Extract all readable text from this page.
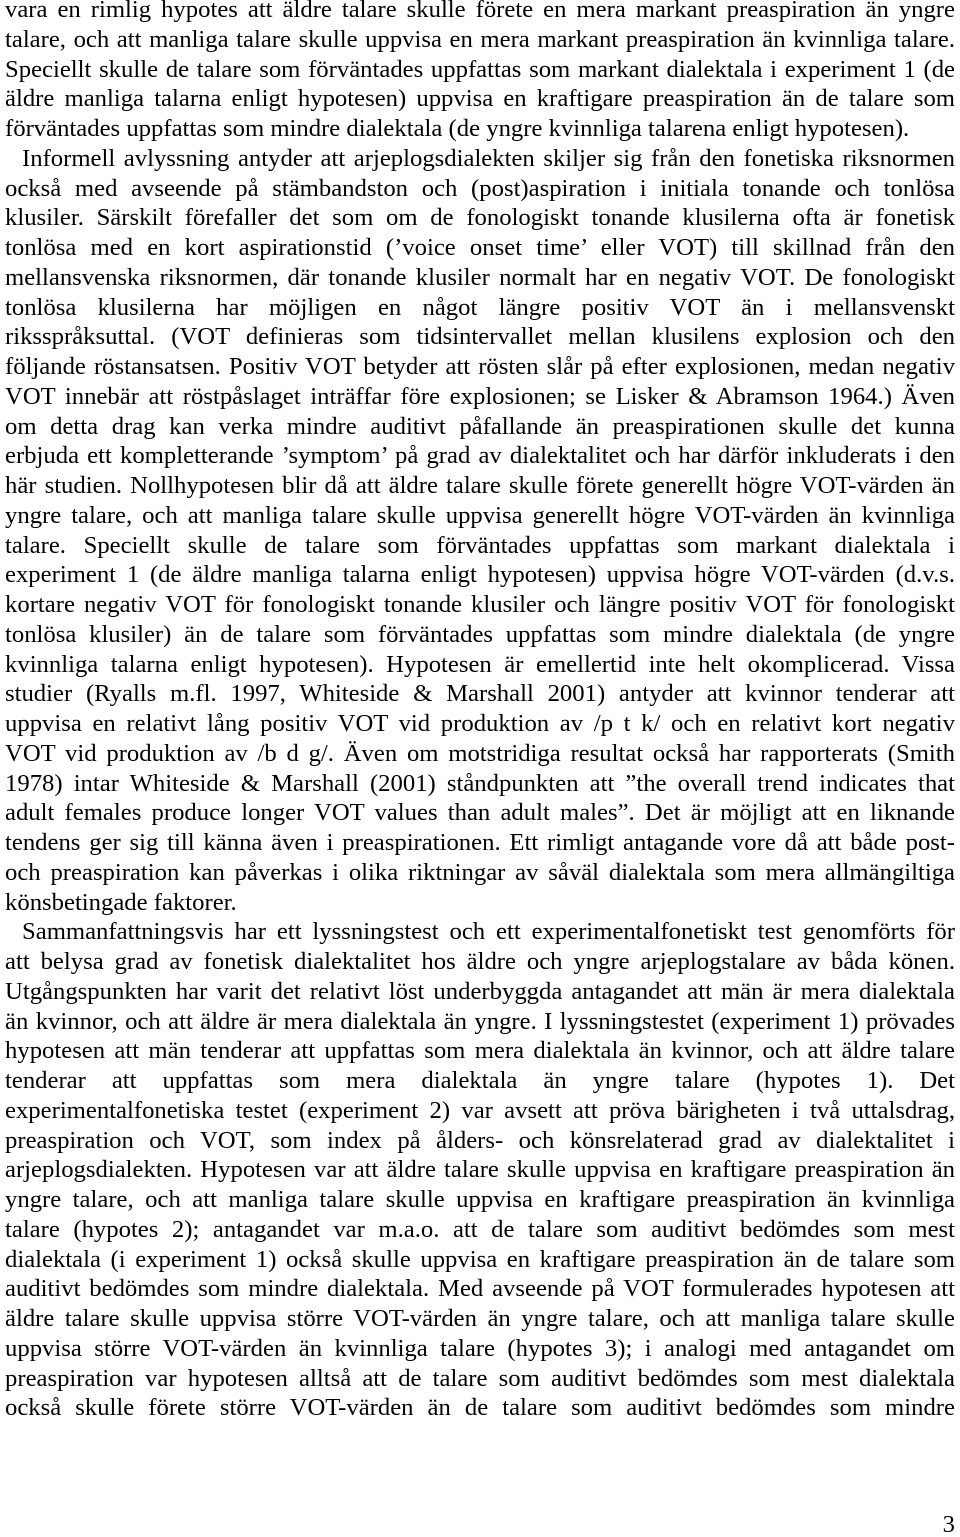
vara en rimlig hypotes att äldre talare skulle förete en mera markant preaspiration än yngre
talare, och att manliga talare skulle uppvisa en mera markant preaspiration än kvinnliga talare.
Speciellt skulle de talare som förväntades uppfattas som markant dialektala i experiment 1 (de
äldre manliga talarna enligt hypotesen) uppvisa en kraftigare preaspiration än de talare som
förväntades uppfattas som mindre dialektala (de yngre kvinnliga talarena enligt hypotesen).

Informell avlyssning antyder att arjeplogsdialekten skiljer sig från den fonetiska riksnormen
också med avseende på stämbandston och (post)aspiration i initiala tonande och tonlösa
klusiler. Särskilt förefaller det som om de fonologiskt tonande klusilerna ofta är fonetisk
tonlösa med en kort aspirationstid (’voice onset time’ eller VOT) till skillnad från den
mellansvenska riksnormen, där tonande klusiler normalt har en negativ VOT. De fonologiskt
tonlösa klusilerna har möjligen en något längre positiv VOT än i mellansvenskt
riksspråksuttal. (VOT definieras som tidsintervallet mellan klusilens explosion och den
följande röstansatsen. Positiv VOT betyder att rösten slår på efter explosionen, medan negativ
VOT innebär att röstpåslaget inträffar före explosionen; se Lisker & Abramson 1964.) Även
om detta drag kan verka mindre auditivt påfallande än preaspirationen skulle det kunna
erbjuda ett kompletterande ’symptom’ på grad av dialektalitet och har därför inkluderats i den
här studien. Nollhypotesen blir då att äldre talare skulle förete generellt högre VOT-värden än
yngre talare, och att manliga talare skulle uppvisa generellt högre VOT-värden än kvinnliga
talare. Speciellt skulle de talare som förväntades uppfattas som markant dialektala i
experiment 1 (de äldre manliga talarna enligt hypotesen) uppvisa högre VOT-värden (d.v.s.
kortare negativ VOT för fonologiskt tonande klusiler och längre positiv VOT för fonologiskt
tonlösa klusiler) än de talare som förväntades uppfattas som mindre dialektala (de yngre
kvinnliga talarna enligt hypotesen). Hypotesen är emellertid inte helt okomplicerad. Vissa
studier (Ryalls m.fl. 1997, Whiteside & Marshall 2001) antyder att kvinnor tenderar att
uppvisa en relativt lång positiv VOT vid produktion av /p t k/ och en relativt kort negativ
VOT vid produktion av /b d g/. Även om motstridiga resultat också har rapporterats (Smith
1978) intar Whiteside & Marshall (2001) ståndpunkten att ”the overall trend indicates that
adult females produce longer VOT values than adult males”. Det är möjligt att en liknande
tendens ger sig till känna även i preaspirationen. Ett rimligt antagande vore då att både post-
och preaspiration kan påverkas i olika riktningar av såväl dialektala som mera allmängiltiga
könsbetingade faktorer.

Sammanfattningsvis har ett lyssningstest och ett experimentalfonetiskt test genomförts för
att belysa grad av fonetisk dialektalitet hos äldre och yngre arjeplogstalare av båda könen.
Utgångspunkten har varit det relativt löst underbyggda antagandet att män är mera dialektala
än kvinnor, och att äldre är mera dialektala än yngre. I lyssningstestet (experiment 1) prövades
hypotesen att män tenderar att uppfattas som mera dialektala än kvinnor, och att äldre talare
tenderar att uppfattas som mera dialektala än yngre talare (hypotes 1). Det
experimentalfonetiska testet (experiment 2) var avsett att pröva bärigheten i två uttalsdrag,
preaspiration och VOT, som index på ålders- och könsrelaterad grad av dialektalitet i
arjeplogsdialekten. Hypotesen var att äldre talare skulle uppvisa en kraftigare preaspiration än
yngre talare, och att manliga talare skulle uppvisa en kraftigare preaspiration än kvinnliga
talare (hypotes 2); antagandet var m.a.o. att de talare som auditivt bedömdes som mest
dialektala (i experiment 1) också skulle uppvisa en kraftigare preaspiration än de talare som
auditivt bedömdes som mindre dialektala. Med avseende på VOT formulerades hypotesen att
äldre talare skulle uppvisa större VOT-värden än yngre talare, och att manliga talare skulle
uppvisa större VOT-värden än kvinnliga talare (hypotes 3); i analogi med antagandet om
preaspiration var hypotesen alltså att de talare som auditivt bedömdes som mest dialektala
också skulle förete större VOT-värden än de talare som auditivt bedömdes som mindre

3
